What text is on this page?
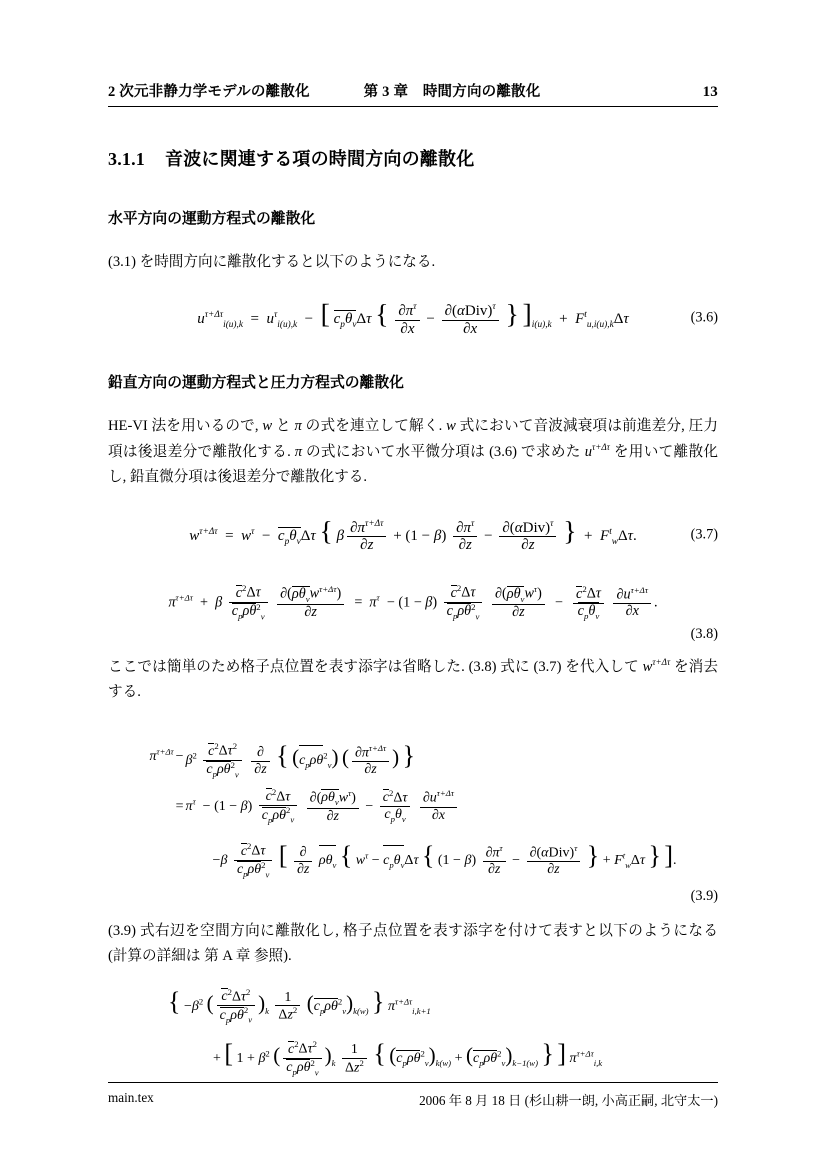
2 次元非静力学モデルの離散化	第 3 章　時間方向の離散化	13
3.1.1 音波に関連する項の時間方向の離散化
水平方向の運動方程式の離散化

(3.1) を時間方向に離散化すると以下のようになる.

$u^{\tau+\Delta\tau}_{i(u),k} = u^\tau_{i(u),k}$  −  [ $c_p\theta_v\Delta\tau$ { $\frac{\partial\pi^\tau}{\partial x} - \frac{\partial(\alpha Div)^\tau}{\partial x}$ } ]$_{i(u),k} + F^t_{u,i(u),k}\Delta\tau$	(3.6)
鉛直方向の運動方程式と圧力方程式の離散化

HE-VI 法を用いるので, w と π の式を連立して解く. w 式において音波減衰項は前進差分, 圧力項は後退差分で離散化する. π の式において水平微分項は (3.6) で求めた $u^{\tau+\Delta\tau}$ を用いて離散化し, 鉛直微分項は後退差分で離散化する.

$w^{\tau+\Delta\tau} = w^\tau - c_p\theta_v\Delta\tau$ { β $\frac{\partial\pi^{\tau+\Delta\tau}}{\partial z} + (1 - \beta) \frac{\partial\pi^\tau}{\partial z} - \frac{\partial(\alpha Div)^\tau}{\partial z}$ }  +  $F^t_w\Delta\tau$.	(3.7)
$\pi^{\tau+\Delta\tau} + \beta \frac{c^2\Delta\tau}{c_p\rho\theta^2_v}$
$\frac{\partial(\rho\theta_vw^{\tau+\Delta\tau})}{\partial z} = \pi^\tau - (1 - \beta) \frac{c^2\Delta\tau}{c_p\rho\theta^2_v}$
$\frac{\partial(\rho\theta_vw^\tau)}{\partial z} - \frac{c^2\Delta\tau}{c_p\theta_v}$
$\frac{\partial u^{\tau+\Delta\tau}}{\partial x}$ .
(3.8)

ここでは簡単のため格子点位置を表す添字は省略した. (3.8) 式に (3.7) を代入して $w^{\tau+\Delta\tau}$ を消去する.

$\pi^{\tau+\Delta\tau}$	−	$\beta^2 \frac{c^2\Delta\tau^2}{c_p\rho\theta^2_v}$
$\frac{\partial}{\partial z}$ { $(c_p\rho\theta^2_v)$ ( $\frac{\partial\pi^{\tau+\Delta\tau}}{\partial z}$ ) }
	=	$\pi^\tau - (1 - \beta) \frac{c^2\Delta\tau}{c_p\rho\theta^2_v}$
$\frac{\partial(\rho\theta_vw^\tau)}{\partial z} - \frac{c^2\Delta\tau}{c_p\theta_v}$
$\frac{\partial u^{\tau+\Delta\tau}}{\partial x}$

		$-\beta \frac{c^2\Delta\tau}{c_p\rho\theta^2_v}$ [ $\frac{\partial}{\partial z} \rho\theta_v$ { $w^\tau - c_p\theta_v\Delta\tau$ { $(1 - \beta) \frac{\partial\pi^\tau}{\partial z} - \frac{\partial(\alpha Div)^\tau}{\partial z}$ } + $F^t_w\Delta\tau$ } ].
(3.9)

(3.9) 式右辺を空間方向に離散化し, 格子点位置を表す添字を付けて表すと以下のようになる (計算の詳細は 第 A 章 参照).

{ $-\beta^2$ ( $\frac{c^2\Delta\tau^2}{c_p\rho\theta^2_v} )_k \frac{1}{\Delta z^2} (c_p\rho\theta^2_v)_{k(w)}$ } $\pi^{\tau+\Delta\tau}_{i,k+1}$
+ [ $1 + \beta^2$ ( $\frac{c^2\Delta\tau^2}{c_p\rho\theta^2_v} )_k \frac{1}{\Delta z^2}$ { $(c_p\rho\theta^2_v)_{k(w)} + (c_p\rho\theta^2_v)_{k-1(w)}$ } ] $\pi^{\tau+\Delta\tau}_{i,k}$
main.tex	2006 年 8 月 18 日 (杉山耕一朗, 小高正嗣, 北守太一)
